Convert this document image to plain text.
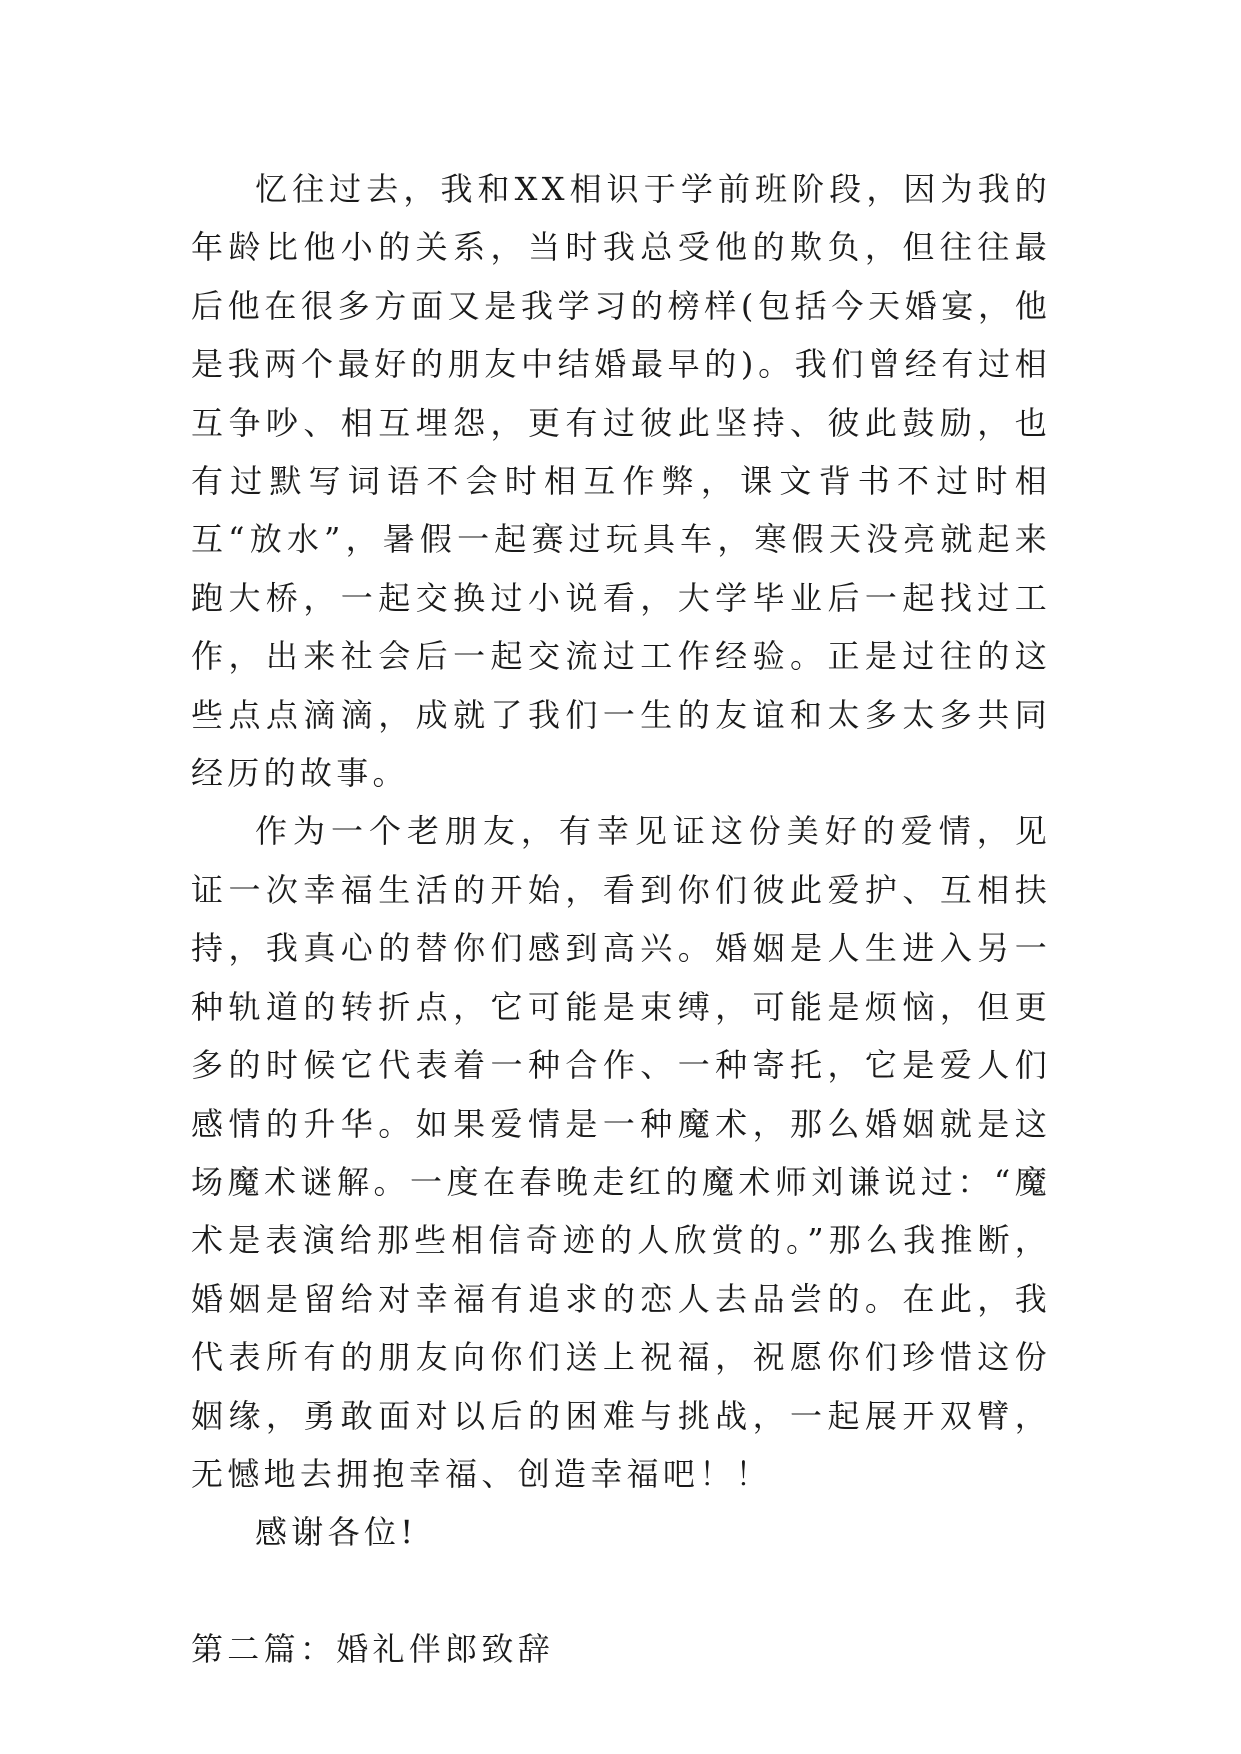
忆往过去，我和XX相识于学前班阶段，因为我的年龄比他小的关系，当时我总受他的欺负，但往往最后他在很多方面又是我学习的榜样(包括今天婚宴，他是我两个最好的朋友中结婚最早的)。我们曾经有过相互争吵、相互埋怨，更有过彼此坚持、彼此鼓励，也有过默写词语不会时相互作弊，课文背书不过时相互“放水”，暑假一起赛过玩具车，寒假天没亮就起来跑大桥，一起交换过小说看，大学毕业后一起找过工作，出来社会后一起交流过工作经验。正是过往的这些点点滴滴，成就了我们一生的友谊和太多太多共同经历的故事。

作为一个老朋友，有幸见证这份美好的爱情，见证一次幸福生活的开始，看到你们彼此爱护、互相扶持，我真心的替你们感到高兴。婚姻是人生进入另一种轨道的转折点，它可能是束缚，可能是烦恼，但更多的时候它代表着一种合作、一种寄托，它是爱人们感情的升华。如果爱情是一种魔术，那么婚姻就是这场魔术谜解。一度在春晚走红的魔术师刘谦说过：“魔术是表演给那些相信奇迹的人欣赏的。”那么我推断，婚姻是留给对幸福有追求的恋人去品尝的。在此，我代表所有的朋友向你们送上祝福，祝愿你们珍惜这份姻缘，勇敢面对以后的困难与挑战，一起展开双臂，无憾地去拥抱幸福、创造幸福吧！！

感谢各位!

第二篇：婚礼伴郎致辞
